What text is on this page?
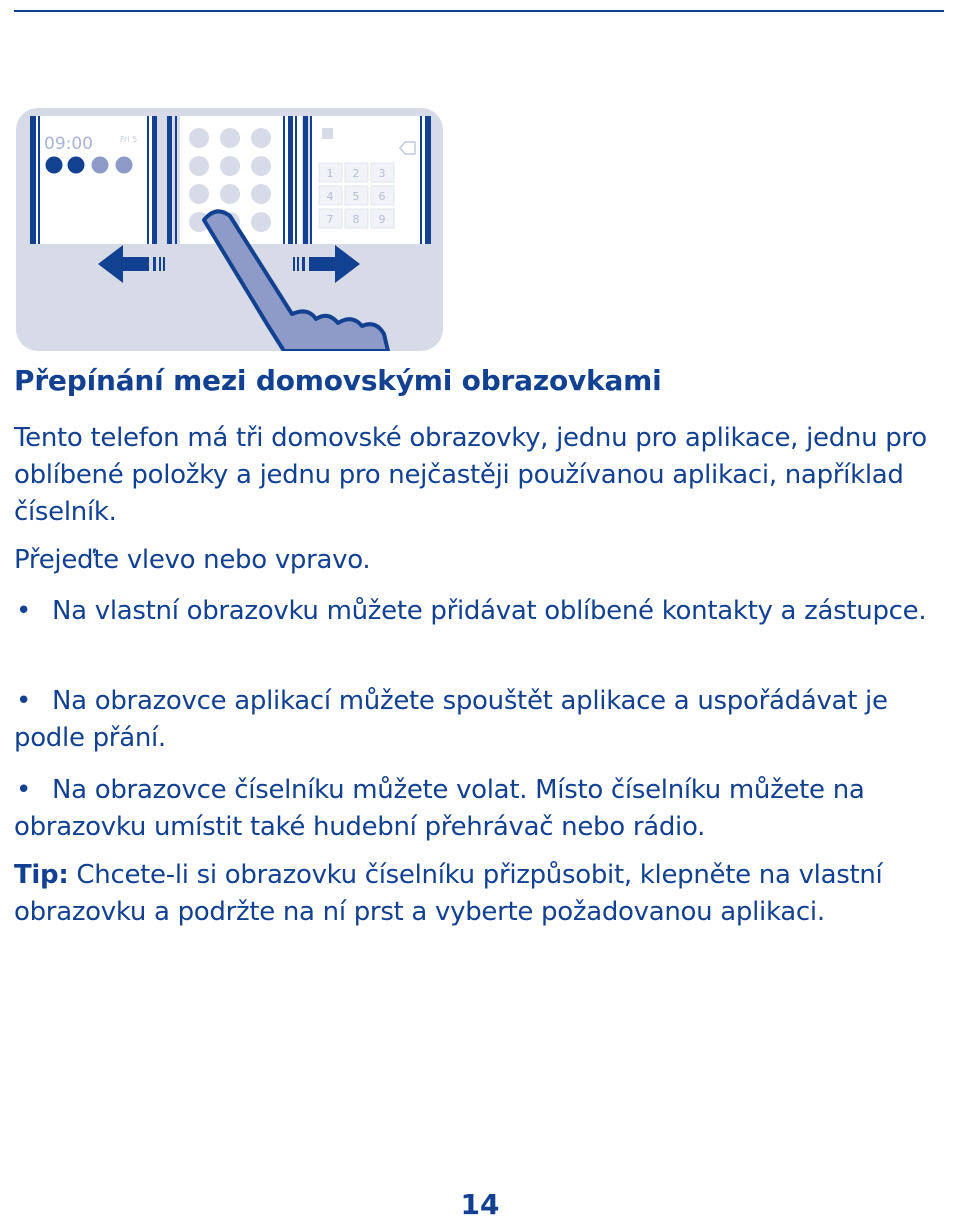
09:00	Fri 5
1 2 3
4 5 6
7 8 9
Přepínání mezi domovskými obrazovkami

Tento telefon má tři domovské obrazovky, jednu pro aplikace, jednu pro oblíbené položky a jednu pro nejčastěji používanou aplikaci, například číselník.

Přejeďte vlevo nebo vpravo.

• Na vlastní obrazovku můžete přidávat oblíbené kontakty a zástupce.

• Na obrazovce aplikací můžete spouštět aplikace a uspořádávat je podle přání.

• Na obrazovce číselníku můžete volat. Místo číselníku můžete na obrazovku umístit také hudební přehrávač nebo rádio.

Tip: Chcete-li si obrazovku číselníku přizpůsobit, klepněte na vlastní obrazovku a podržte na ní prst a vyberte požadovanou aplikaci.

14
